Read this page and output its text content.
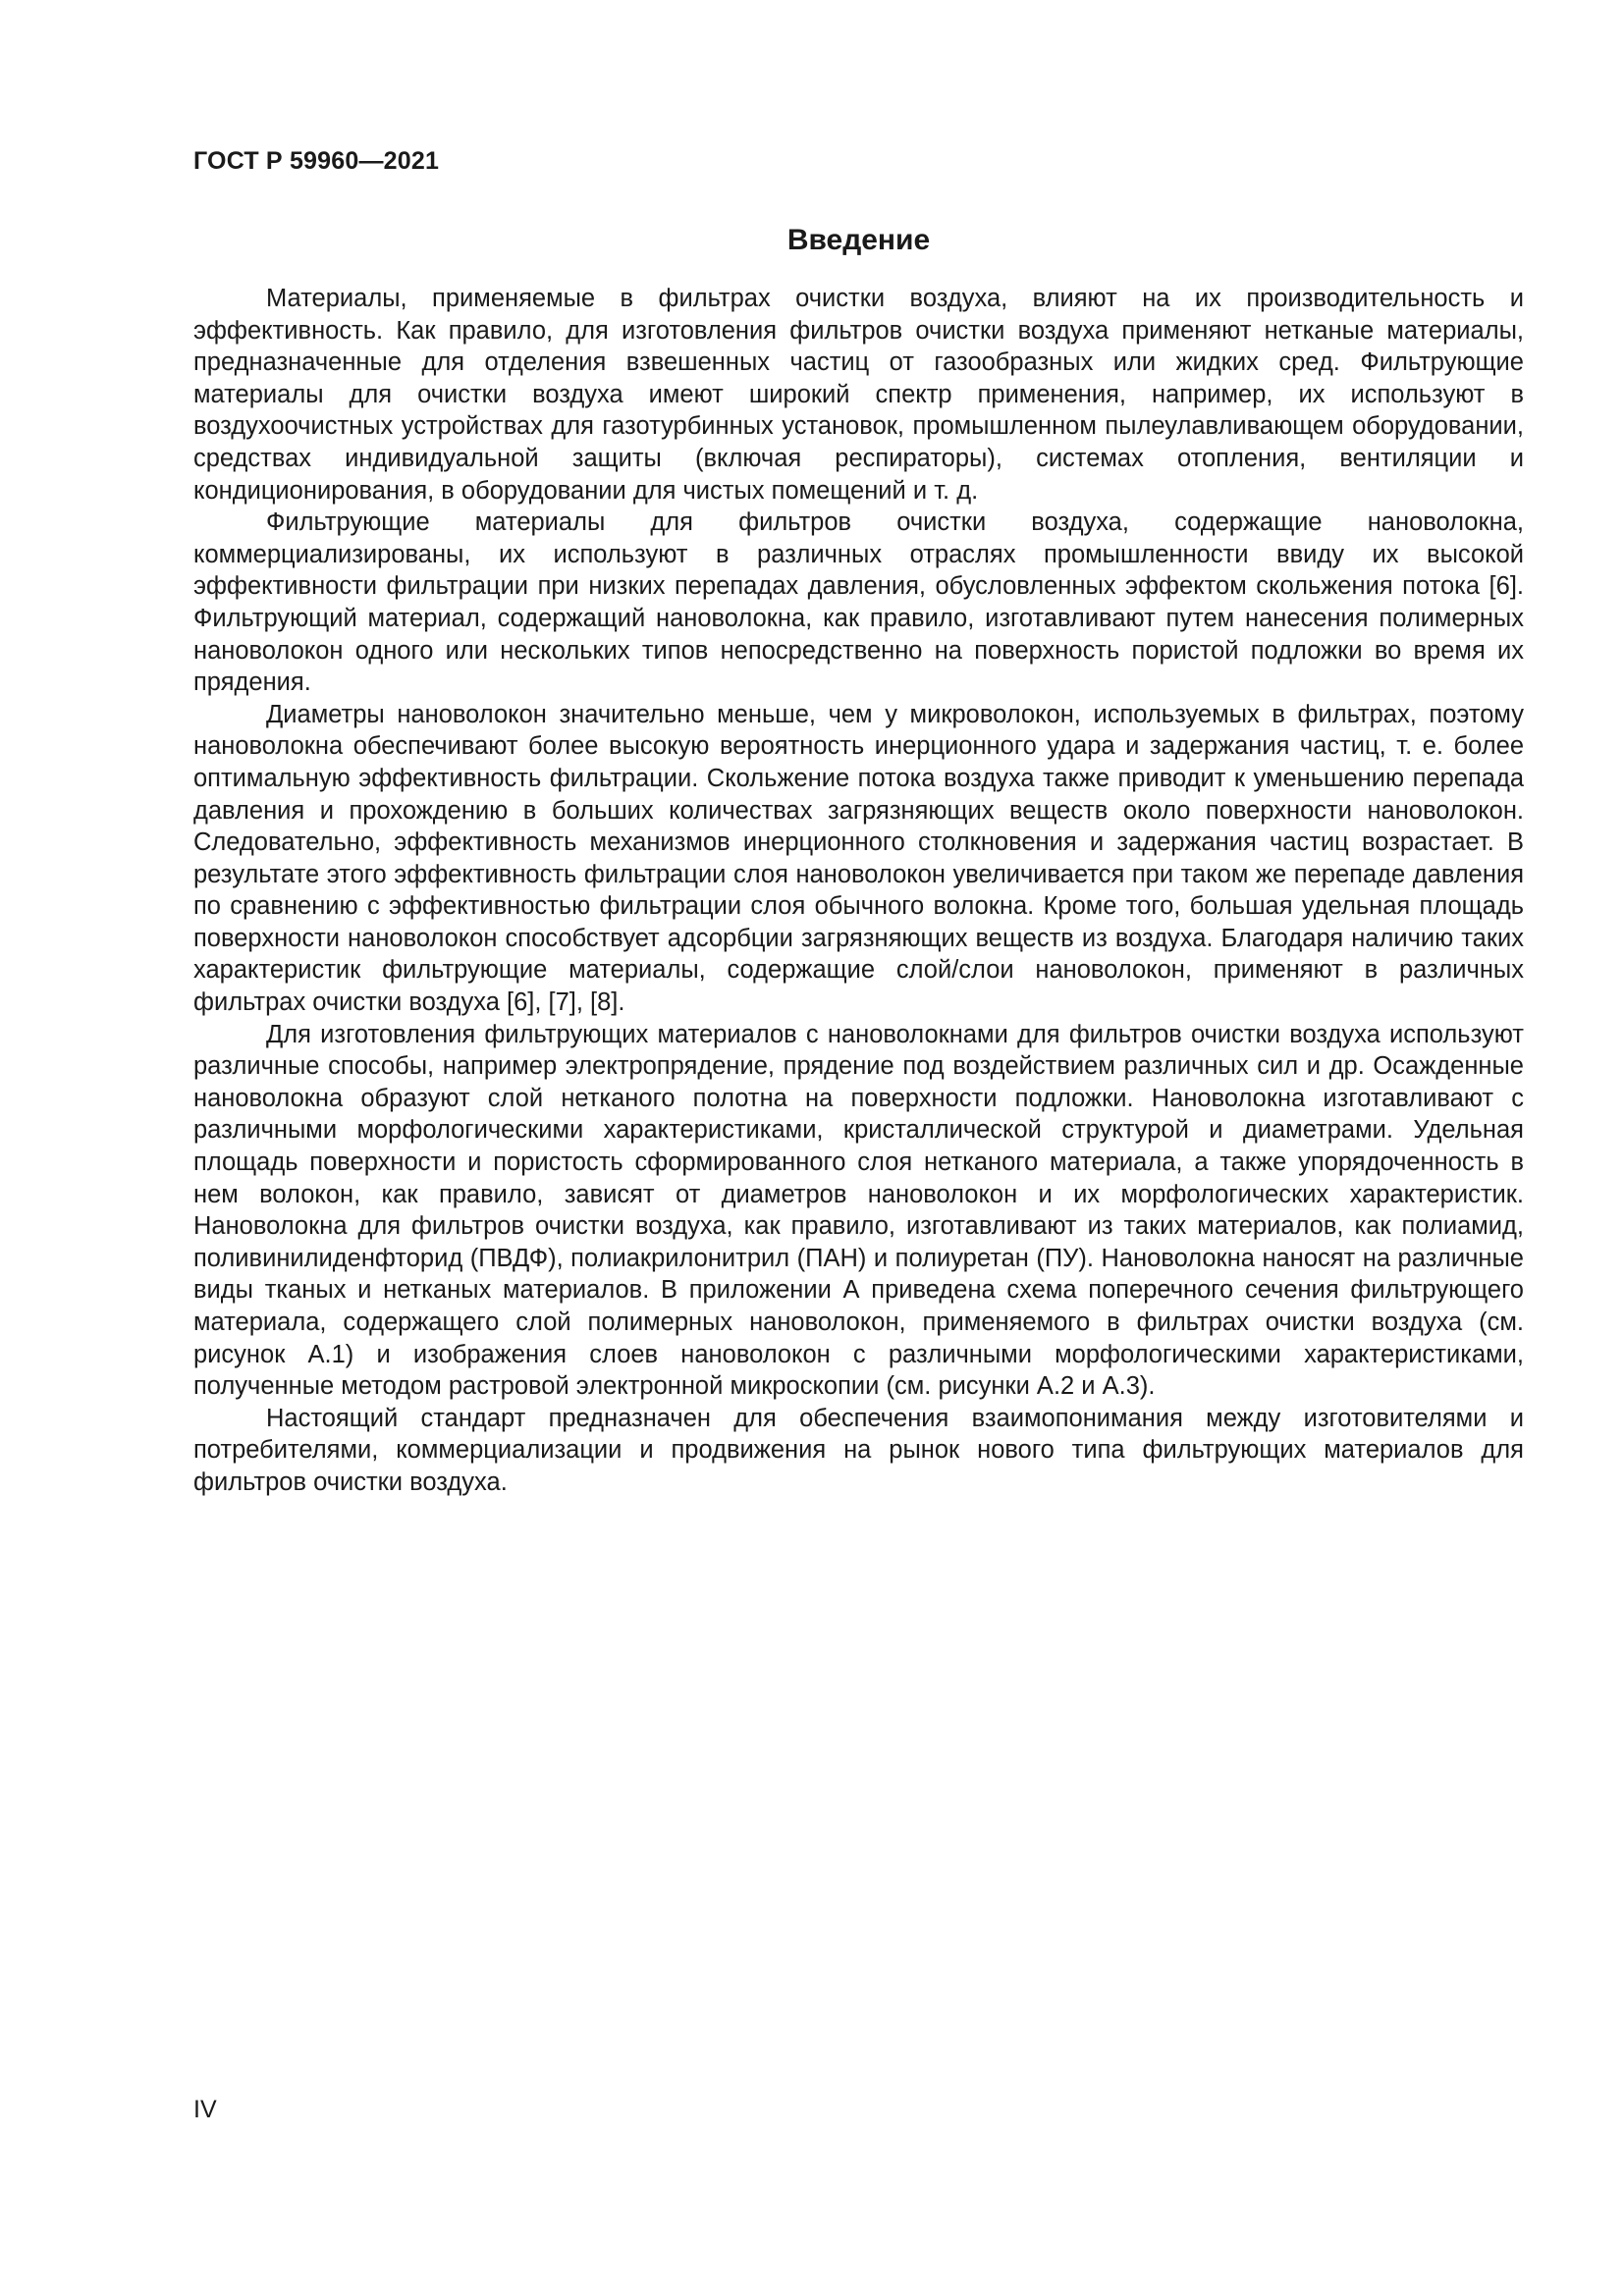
ГОСТ Р 59960—2021
Введение

Материалы, применяемые в фильтрах очистки воздуха, влияют на их производительность и эффективность. Как правило, для изготовления фильтров очистки воздуха применяют нетканые материалы, предназначенные для отделения взвешенных частиц от газообразных или жидких сред. Фильтрующие материалы для очистки воздуха имеют широкий спектр применения, например, их используют в воздухоочистных устройствах для газотурбинных установок, промышленном пылеулавливающем оборудовании, средствах индивидуальной защиты (включая респираторы), системах отопления, вентиляции и кондиционирования, в оборудовании для чистых помещений и т. д.

Фильтрующие материалы для фильтров очистки воздуха, содержащие нановолокна, коммерциализированы, их используют в различных отраслях промышленности ввиду их высокой эффективности фильтрации при низких перепадах давления, обусловленных эффектом скольжения потока [6]. Фильтрующий материал, содержащий нановолокна, как правило, изготавливают путем нанесения полимерных нановолокон одного или нескольких типов непосредственно на поверхность пористой подложки во время их прядения.

Диаметры нановолокон значительно меньше, чем у микроволокон, используемых в фильтрах, поэтому нановолокна обеспечивают более высокую вероятность инерционного удара и задержания частиц, т. е. более оптимальную эффективность фильтрации. Скольжение потока воздуха также приводит к уменьшению перепада давления и прохождению в больших количествах загрязняющих веществ около поверхности нановолокон. Следовательно, эффективность механизмов инерционного столкновения и задержания частиц возрастает. В результате этого эффективность фильтрации слоя нановолокон увеличивается при таком же перепаде давления по сравнению с эффективностью фильтрации слоя обычного волокна. Кроме того, большая удельная площадь поверхности нановолокон способствует адсорбции загрязняющих веществ из воздуха. Благодаря наличию таких характеристик фильтрующие материалы, содержащие слой/слои нановолокон, применяют в различных фильтрах очистки воздуха [6], [7], [8].

Для изготовления фильтрующих материалов с нановолокнами для фильтров очистки воздуха используют различные способы, например электропрядение, прядение под воздействием различных сил и др. Осажденные нановолокна образуют слой нетканого полотна на поверхности подложки. Нановолокна изготавливают с различными морфологическими характеристиками, кристаллической структурой и диаметрами. Удельная площадь поверхности и пористость сформированного слоя нетканого материала, а также упорядоченность в нем волокон, как правило, зависят от диаметров нановолокон и их морфологических характеристик. Нановолокна для фильтров очистки воздуха, как правило, изготавливают из таких материалов, как полиамид, поливинилиденфторид (ПВДФ), полиакрилонитрил (ПАН) и полиуретан (ПУ). Нановолокна наносят на различные виды тканых и нетканых материалов. В приложении А приведена схема поперечного сечения фильтрующего материала, содержащего слой полимерных нановолокон, применяемого в фильтрах очистки воздуха (см. рисунок А.1) и изображения слоев нановолокон с различными морфологическими характеристиками, полученные методом растровой электронной микроскопии (см. рисунки А.2 и А.3).

Настоящий стандарт предназначен для обеспечения взаимопонимания между изготовителями и потребителями, коммерциализации и продвижения на рынок нового типа фильтрующих материалов для фильтров очистки воздуха.

IV
